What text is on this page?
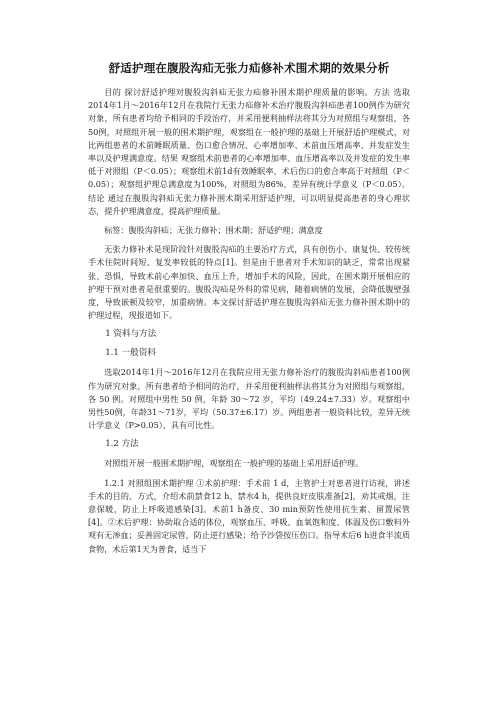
舒适护理在腹股沟疝无张力疝修补术围术期的效果分析

目的 探讨舒适护理对腹股沟斜疝无张力疝修补围术期护理质量的影响。方法 选取2014年1月～2016年12月在我院行无张力疝修补术治疗腹股沟斜疝患者100例作为研究对象，所有患者均给予相同的手段治疗，并采用便利抽样法将其分为对照组与观察组，各50例，对照组开展一般的围术期护理，观察组在一般护理的基础上开展舒适护理模式，对比两组患者的术前睡眠质量、伤口愈合情况、心率增加率、术前血压增高率、并发症发生率以及护理满意度。结果 观察组术前患者的心率增加率、血压增高率以及并发症的发生率低于对照组（P＜0.05）；观察组术前1d有效睡眠率、术后伤口的愈合率高于对照组（P＜0.05）；观察组护理总满意度为100%，对照组为86%，差异有统计学意义（P＜0.05）。结论 通过在腹股沟斜疝无张力修补围术期采用舒适护理，可以明显提高患者的身心理状态，提升护理满意度，提高护理质量。

标签：腹股沟斜疝；无张力修补；围术期；舒适护理；满意度

无张力修补术是现阶段针对腹股沟疝的主要治疗方式，具有创伤小、康复快、较传统手术住院时间短、复发率较低的特点[1]。但是由于患者对手术知识的缺乏，常常出现紧张、恐惧，导致术前心率加快、血压上升，增加手术的风险，因此，在围术期开展相应的护理干预对患者是很重要的。腹股沟疝是外科的常见病，随着病情的发展，会降低腹壁强度，导致嵌顿及较窄，加重病情。本文探讨舒适护理在腹股沟斜疝无张力修补围术期中的护理过程，现报道如下。

1 资料与方法

1.1 一般资料

选取2014年1月～2016年12月在我院应用无张力修补治疗的腹股沟斜疝患者100例作为研究对象，所有患者给予相同的治疗，并采用便利抽样法将其分为对照组与观察组，各 50 例。对照组中男性 50 例，年龄 30～72 岁，平均（49.24±7.33）岁。观察组中男性50例，年龄31～71岁，平均（50.37±6.17）岁。两组患者一般资料比较，差异无统计学意义（P>0.05），具有可比性。

1.2 方法

对照组开展一般围术期护理，观察组在一般护理的基础上采用舒适护理。

1.2.1 对照组围术期护理 ①术前护理：手术前 1 d，主管护士对患者进行访视，讲述手术的目的、方式，介绍术前禁食12 h、禁水4 h，提供良好皮肤准备[2]，劝其戒烟，注意保暖，防止上呼吸道感染[3]。术前1 h备皮、30 min预防性使用抗生素、留置尿管[4]。②术后护理：协助取合适的体位，观察血压、呼吸、血氧饱和度、体温及伤口敷料外观有无渗血；妥善固定尿管，防止逆行感染；给予沙袋按压伤口。指导术后6 h进食半流质食物，术后第1天为普食，适当下
